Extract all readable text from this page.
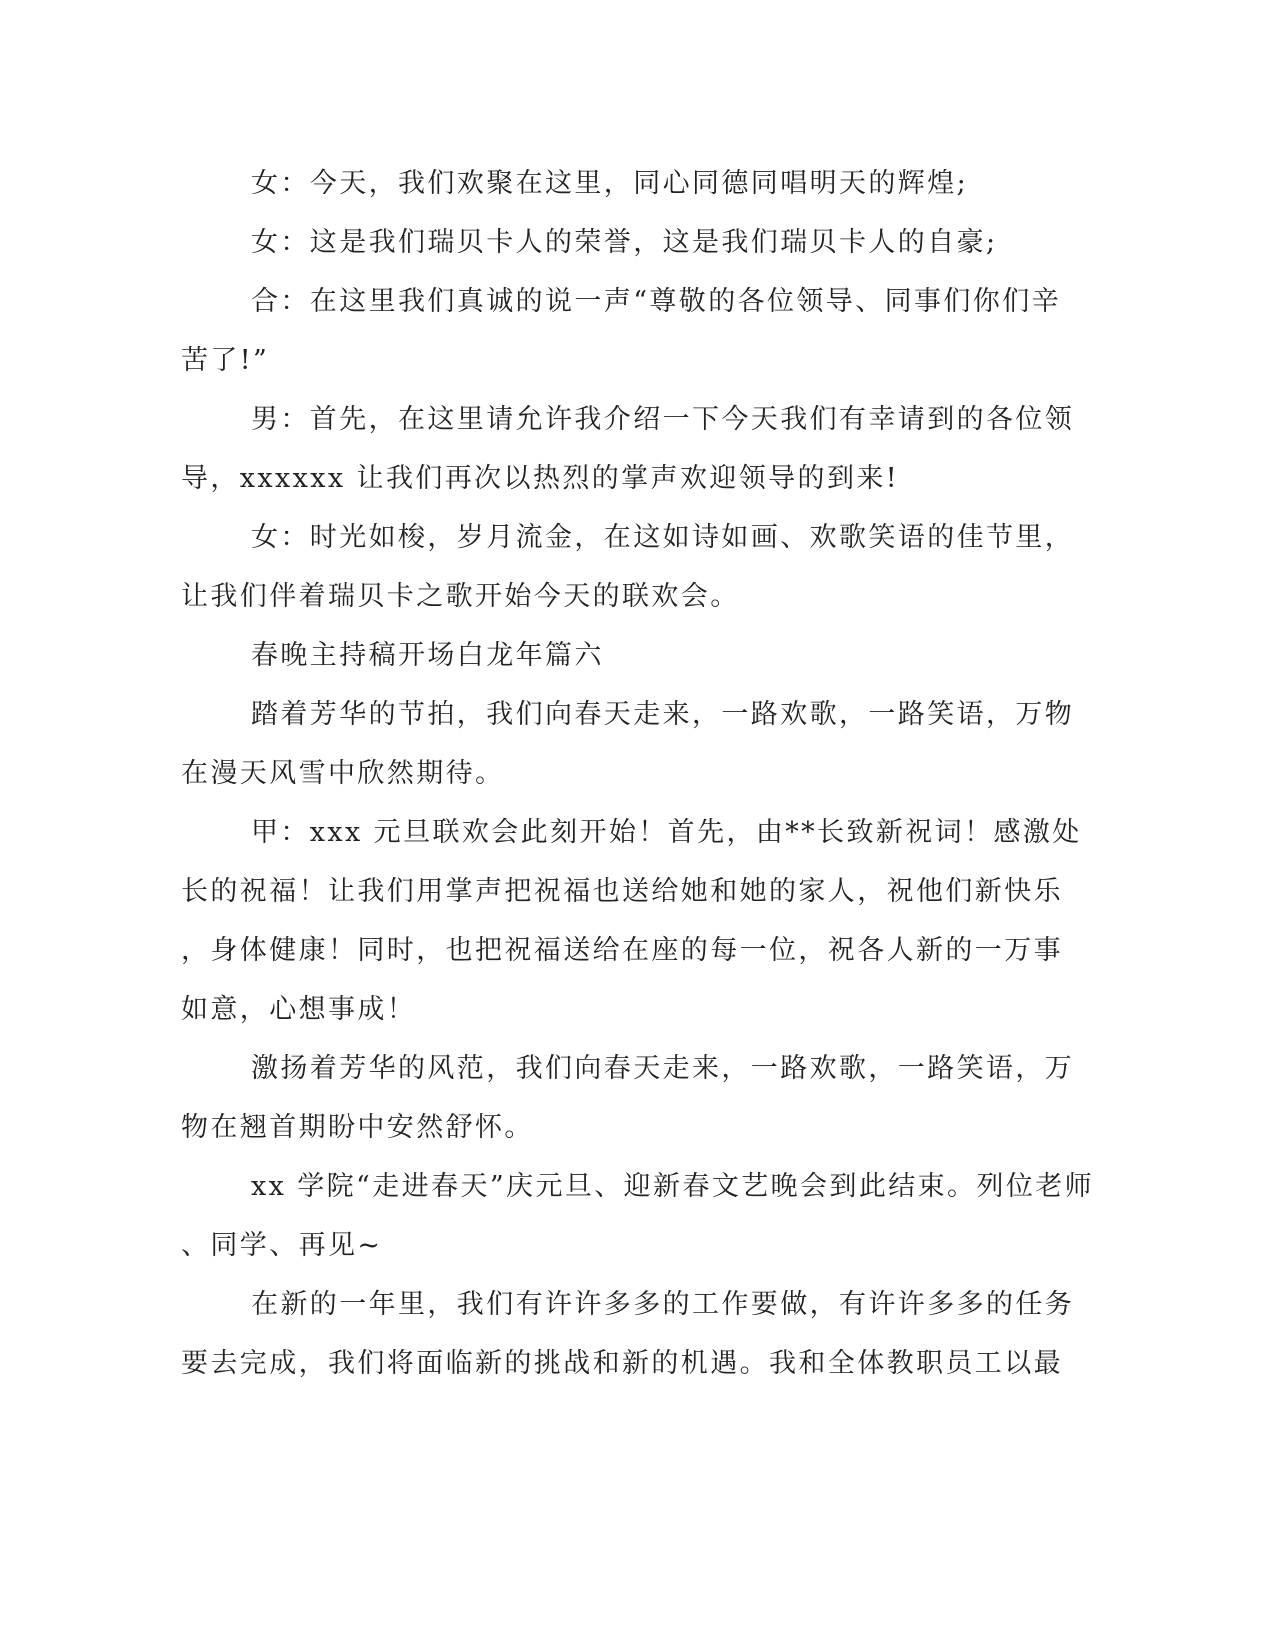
女：今天，我们欢聚在这里，同心同德同唱明天的辉煌;
女：这是我们瑞贝卡人的荣誉，这是我们瑞贝卡人的自豪;
合：在这里我们真诚的说一声“尊敬的各位领导、同事们你们辛
苦了!”
男：首先，在这里请允许我介绍一下今天我们有幸请到的各位领
导，xxxxxx 让我们再次以热烈的掌声欢迎领导的到来!
女：时光如梭，岁月流金，在这如诗如画、欢歌笑语的佳节里，
让我们伴着瑞贝卡之歌开始今天的联欢会。
春晚主持稿开场白龙年篇六
踏着芳华的节拍，我们向春天走来，一路欢歌，一路笑语，万物
在漫天风雪中欣然期待。
甲：xxx 元旦联欢会此刻开始！首先，由**长致新祝词！感激处
长的祝福！让我们用掌声把祝福也送给她和她的家人，祝他们新快乐
，身体健康！同时，也把祝福送给在座的每一位，祝各人新的一万事
如意，心想事成！
激扬着芳华的风范，我们向春天走来，一路欢歌，一路笑语，万
物在翘首期盼中安然舒怀。
xx 学院“走进春天”庆元旦、迎新春文艺晚会到此结束。列位老师
、同学、再见~
在新的一年里，我们有许许多多的工作要做，有许许多多的任务
要去完成，我们将面临新的挑战和新的机遇。我和全体教职员工以最
